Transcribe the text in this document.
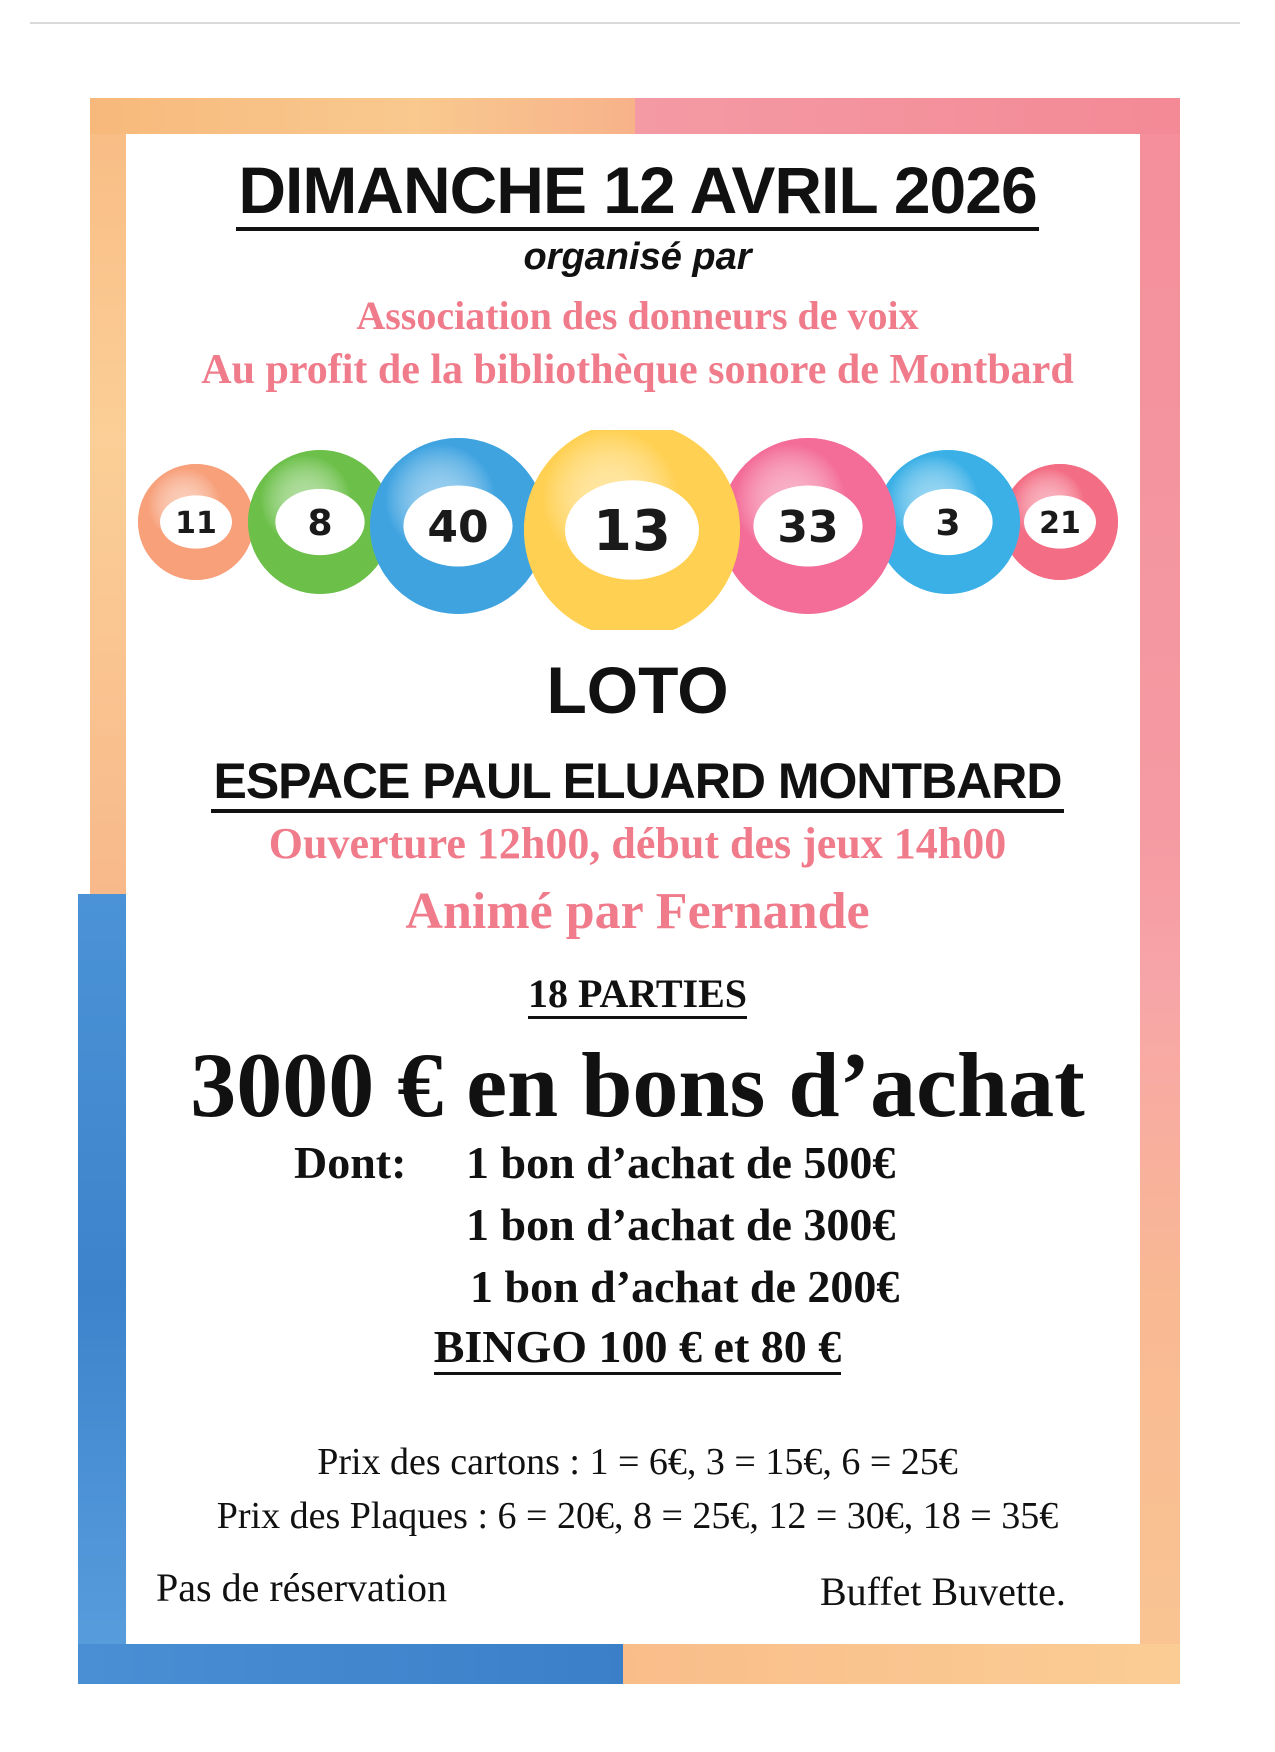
DIMANCHE 12 AVRIL 2026

organisé par

Association des donneurs de voix

Au profit de la bibliothèque sonore de Montbard

11	21
8	3
40	33
13

LOTO

ESPACE PAUL ELUARD MONTBARD

Ouverture 12h00, début des jeux 14h00

Animé par Fernande

18 PARTIES

3000 € en bons d’achat

Dont: 1 bon d’achat de 500€

1 bon d’achat de 300€

1 bon d’achat de 200€

BINGO 100 € et 80 €

Prix des cartons : 1 = 6€, 3 = 15€, 6 = 25€

Prix des Plaques : 6 = 20€, 8 = 25€, 12 = 30€, 18 = 35€

Pas de réservation	Buffet Buvette.
